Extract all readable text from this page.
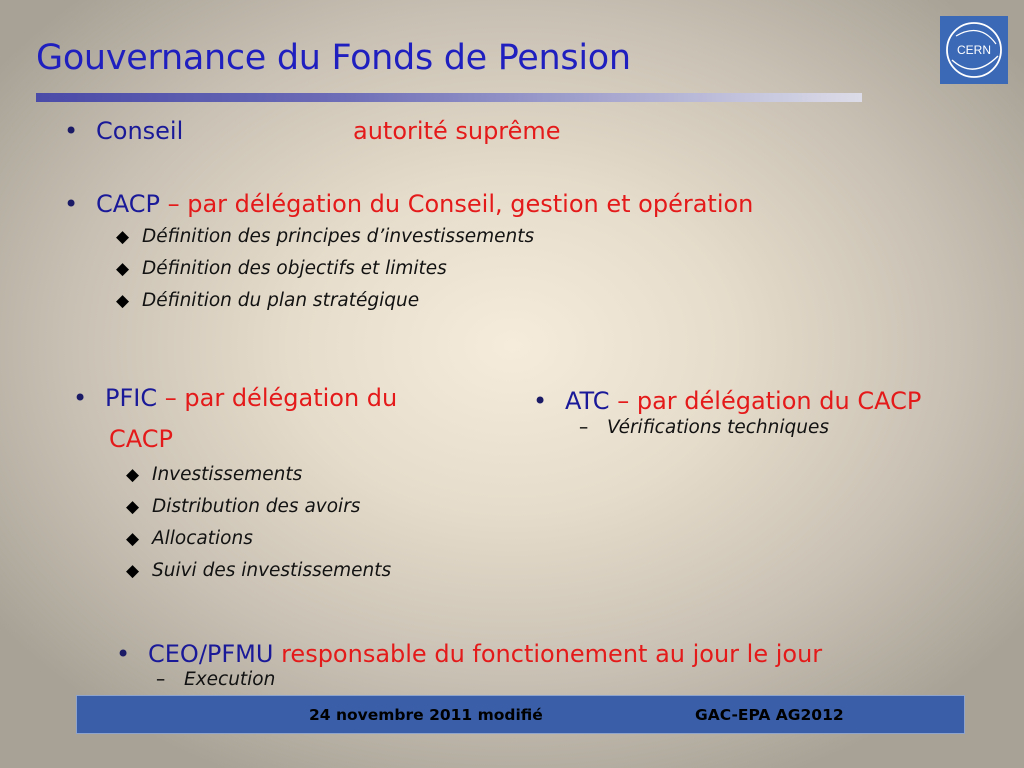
Gouvernance du Fonds de Pension	CERN
• Conseil	autorité suprême
• CACP – par délégation du Conseil, gestion et opération
◆ Définition des principes d’investissements
◆ Définition des objectifs et limites
◆ Définition du plan stratégique
• PFIC – par délégation du
CACP
◆ Investissements
◆ Distribution des avoirs
◆ Allocations
◆ Suivi des investissements
• ATC – par délégation du CACP
– Vérifications techniques
• CEO/PFMU responsable du fonctionement au jour le jour
– Execution
24 novembre 2011 modifié	GAC-EPA AG2012
